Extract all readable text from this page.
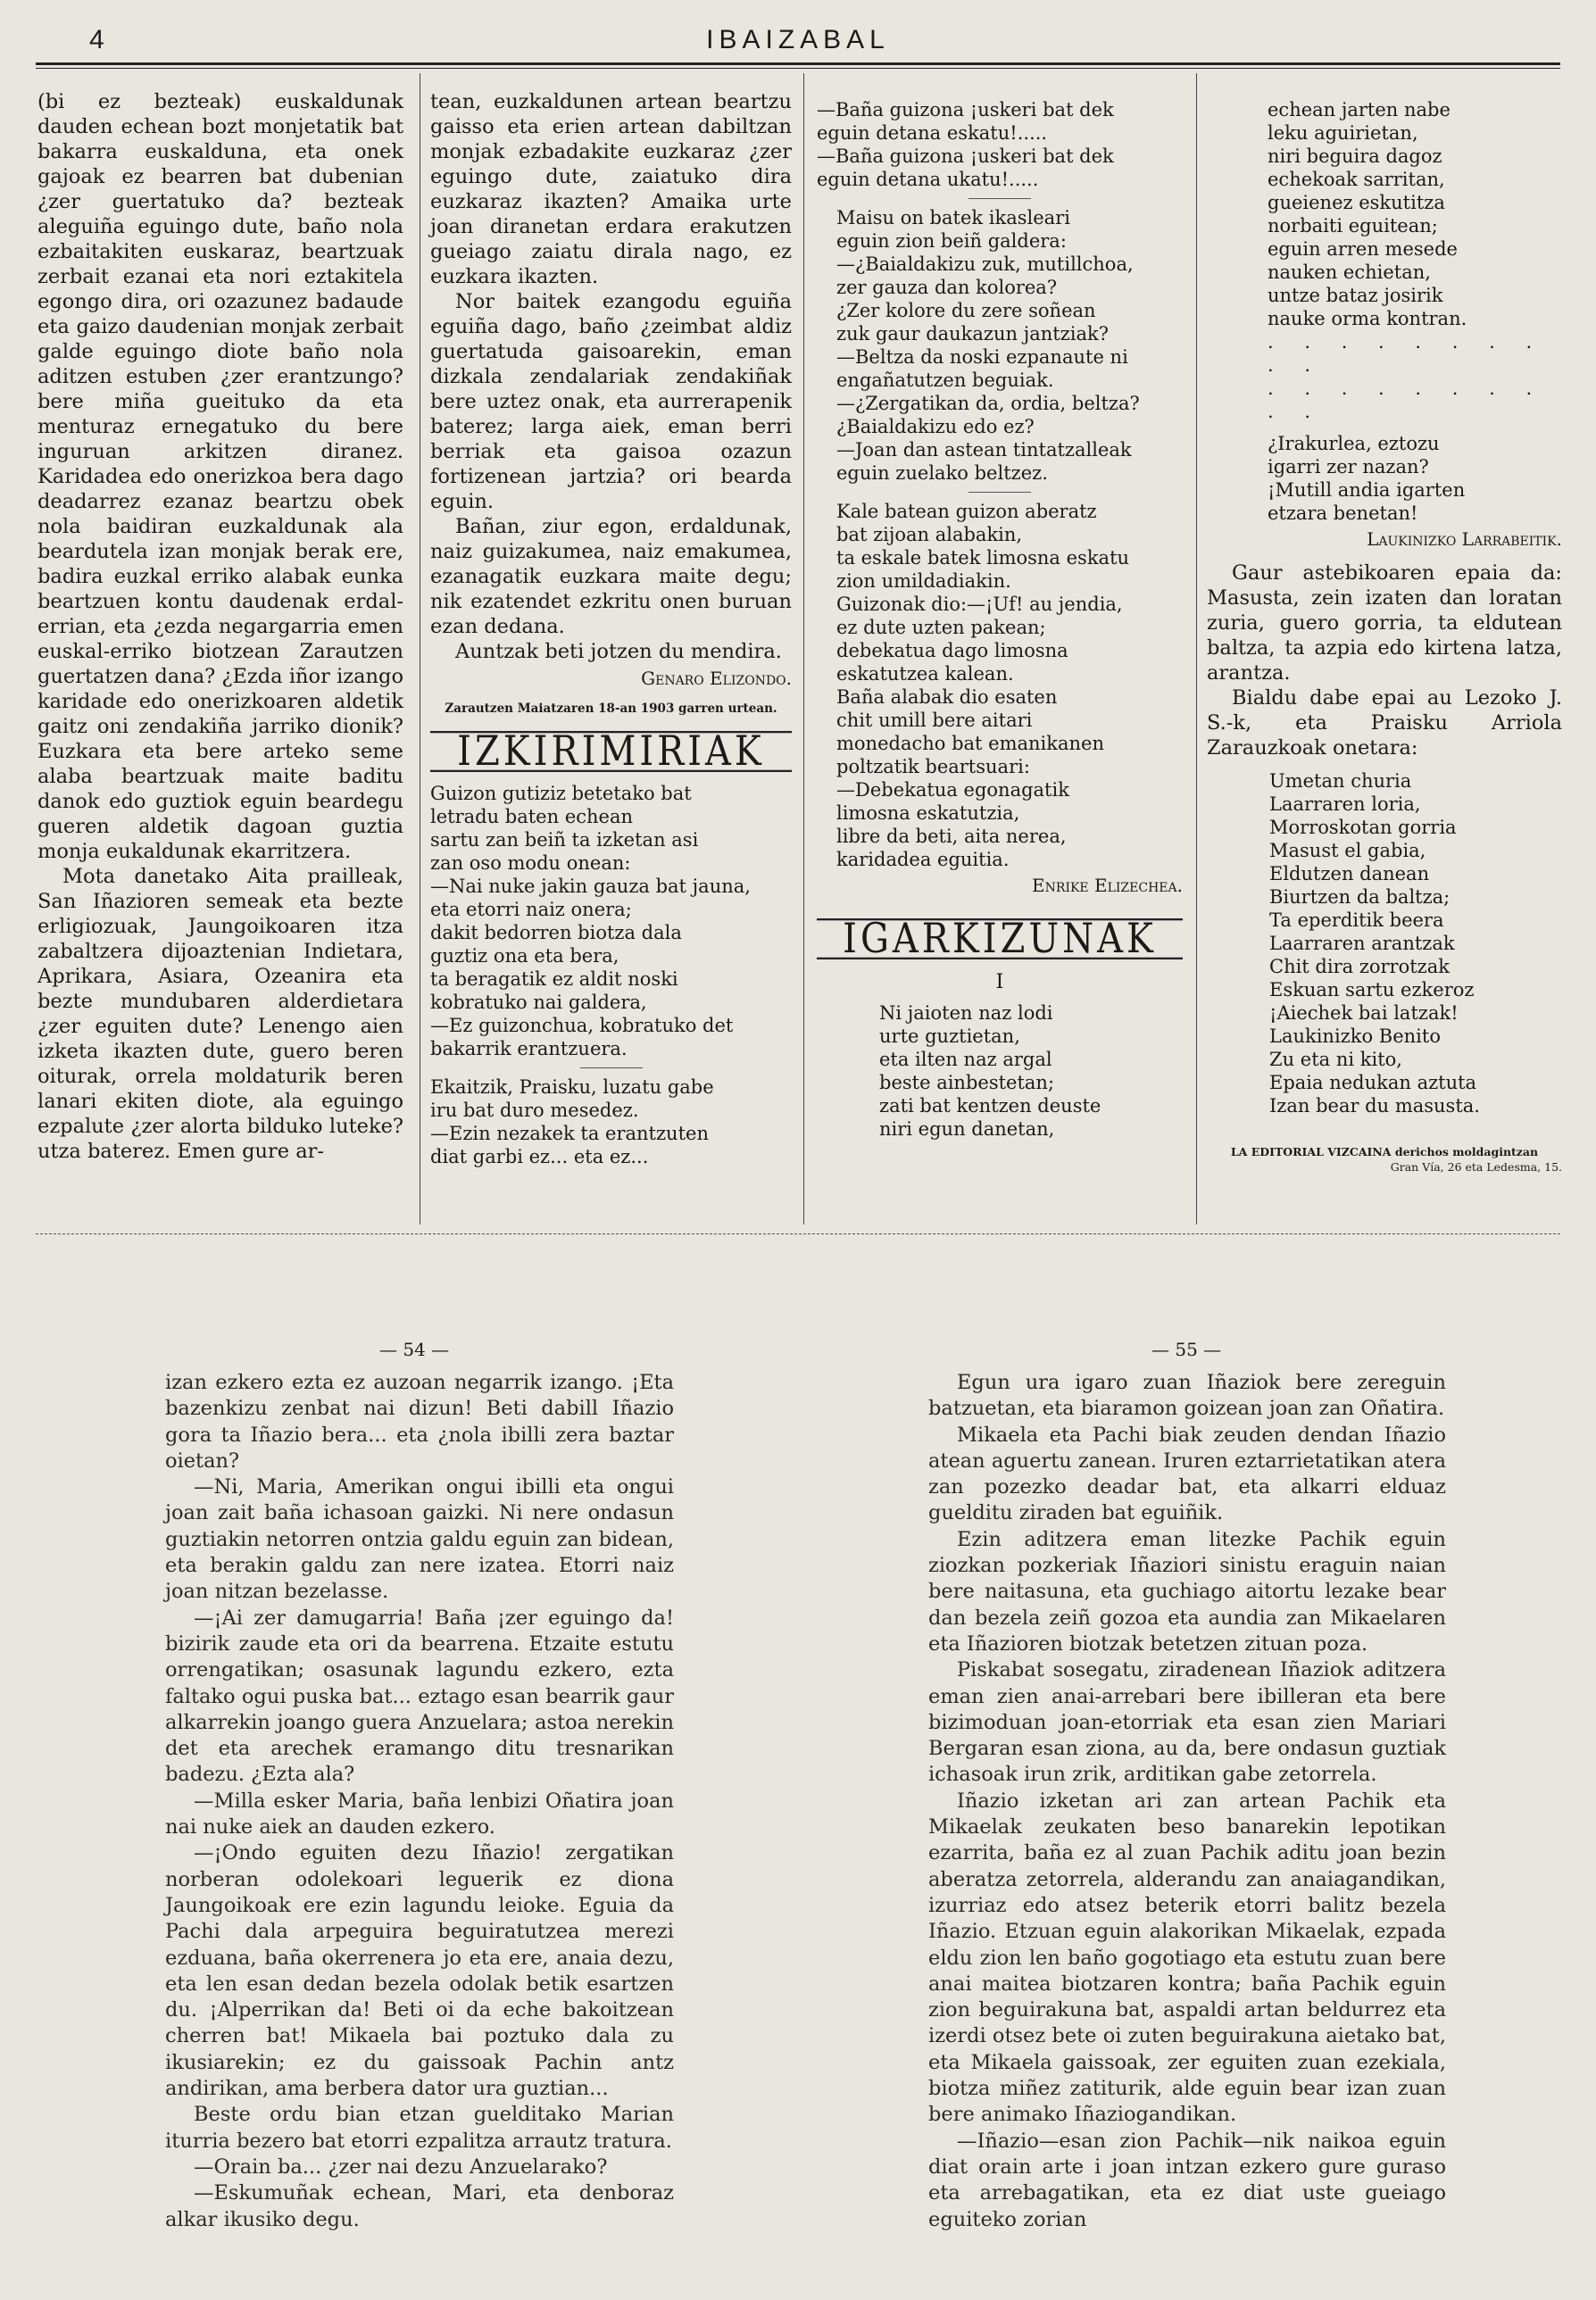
4	IBAIZABAL

(bi ez bezteak) euskaldunak dauden echean bozt monjetatik bat bakarra euskalduna, eta onek gajoak ez bearren bat dubenian ¿zer guertatuko da? bezteak aleguiña eguingo dute, baño nola ezbaitakiten euskaraz, beartzuak zerbait ezanai eta nori eztakitela egongo dira, ori ozazunez badaude eta gaizo daudenian monjak zerbait galde eguingo diote baño nola aditzen estuben ¿zer erantzungo? bere miña gueituko da eta menturaz ernegatuko du bere inguruan arkitzen diranez. Karidadea edo onerizkoa bera dago deadarrez ezanaz beartzu obek nola baidiran euzkaldunak ala beardutela izan monjak berak ere, badira euzkal erriko alabak eunka beartzuen kontu daudenak erdal-errian, eta ¿ezda negargarria emen euskal-erriko biotzean Zarautzen guertatzen dana? ¿Ezda iñor izango karidade edo onerizkoaren aldetik gaitz oni zendakiña jarriko dionik? Euzkara eta bere arteko seme alaba beartzuak maite baditu danok edo guztiok eguin beardegu gueren aldetik dagoan guztia monja eukaldunak ekarritzera.

Mota danetako Aita prailleak, San Iñazioren semeak eta bezte erligiozuak, Jaungoikoaren itza zabaltzera dijoaztenian Indietara, Aprikara, Asiara, Ozeanira eta bezte mundubaren alderdietara ¿zer eguiten dute? Lenengo aien izketa ikazten dute, guero beren oiturak, orrela moldaturik beren lanari ekiten diote, ala eguingo ezpalute ¿zer alorta bilduko luteke? utza baterez. Emen gure ar-

tean, euzkaldunen artean beartzu gaisso eta erien artean dabiltzan monjak ezbadakite euzkaraz ¿zer eguingo dute, zaiatuko dira euzkaraz ikazten? Amaika urte joan diranetan erdara erakutzen gueiago zaiatu dirala nago, ez euzkara ikazten.

Nor baitek ezangodu eguiña eguiña dago, baño ¿zeimbat aldiz guertatuda gaisoarekin, eman dizkala zendalariak zendakiñak bere uztez onak, eta aurrerapenik baterez; larga aiek, eman berri berriak eta gaisoa ozazun fortizenean jartzia? ori bearda eguin.

Bañan, ziur egon, erdaldunak, naiz guizakumea, naiz emakumea, ezanagatik euzkara maite degu; nik ezatendet ezkritu onen buruan ezan dedana.

Auntzak beti jotzen du mendira.

Genaro Elizondo.
Zarautzen Maiatzaren 18-an 1903 garren urtean.
IZKIRIMIRIAK
Guizon gutiziz betetako bat
letradu baten echean
sartu zan beiñ ta izketan asi
zan oso modu onean:
—Nai nuke jakin gauza bat jauna,
eta etorri naiz onera;
dakit bedorren biotza dala
guztiz ona eta bera,
ta beragatik ez aldit noski
kobratuko nai galdera,
—Ez guizonchua, kobratuko det
bakarrik erantzuera.
Ekaitzik, Praisku, luzatu gabe
iru bat duro mesedez.
—Ezin nezakek ta erantzuten
diat garbi ez... eta ez...
—Baña guizona ¡uskeri bat dek
eguin detana eskatu!.....
—Baña guizona ¡uskeri bat dek
eguin detana ukatu!.....
Maisu on batek ikasleari
eguin zion beiñ galdera:
—¿Baialdakizu zuk, mutillchoa,
zer gauza dan kolorea?
¿Zer kolore du zere soñean
zuk gaur daukazun jantziak?
—Beltza da noski ezpanaute ni
engañatutzen beguiak.
—¿Zergatikan da, ordia, beltza?
¿Baialdakizu edo ez?
—Joan dan astean tintatzalleak
eguin zuelako beltzez.
Kale batean guizon aberatz
bat zijoan alabakin,
ta eskale batek limosna eskatu
zion umildadiakin.
Guizonak dio:—¡Uf! au jendia,
ez dute uzten pakean;
debekatua dago limosna
eskatutzea kalean.
Baña alabak dio esaten
chit umill bere aitari
monedacho bat emanikanen
poltzatik beartsuari:
—Debekatua egonagatik
limosna eskatutzia,
libre da beti, aita nerea,
karidadea eguitia.
Enrike Elizechea.
IGARKIZUNAK
I
Ni jaioten naz lodi
urte guztietan,
eta ilten naz argal
beste ainbestetan;
zati bat kentzen deuste
niri egun danetan,
echean jarten nabe
leku aguirietan,
niri beguira dagoz
echekoak sarritan,
gueienez eskutitza
norbaiti eguitean;
eguin arren mesede
nauken echietan,
untze bataz josirik
nauke orma kontran.
. . . . . . . . . .
. . . . . . . . . .
¿Irakurlea, eztozu
igarri zer nazan?
¡Mutill andia igarten
etzara benetan!
Laukinizko Larrabeitik.

Gaur astebikoaren epaia da: Masusta, zein izaten dan loratan zuria, guero gorria, ta eldutean baltza, ta azpia edo kirtena latza, arantza.

Bialdu dabe epai au Lezoko J. S.-k, eta Praisku Arriola Zarauzkoak onetara:

Umetan churia
Laarraren loria,
Morroskotan gorria
Masust el gabia,
Eldutzen danean
Biurtzen da baltza;
Ta eperditik beera
Laarraren arantzak
Chit dira zorrotzak
Eskuan sartu ezkeroz
¡Aiechek bai latzak!
Laukinizko Benito
Zu eta ni kito,
Epaia nedukan aztuta
Izan bear du masusta.
LA EDITORIAL VIZCAINA derichos moldagintzan
Gran Vía, 26 eta Ledesma, 15.
— 54 —

izan ezkero ezta ez auzoan negarrik izango. ¡Eta bazenkizu zenbat nai dizun! Beti dabill Iñazio gora ta Iñazio bera... eta ¿nola ibilli zera baztar oietan?

—Ni, Maria, Amerikan ongui ibilli eta ongui joan zait baña ichasoan gaizki. Ni nere ondasun guztiakin netorren ontzia galdu eguin zan bidean, eta berakin galdu zan nere izatea. Etorri naiz joan nitzan bezelasse.

—¡Ai zer damugarria! Baña ¡zer eguingo da! bizirik zaude eta ori da bearrena. Etzaite estutu orrengatikan; osasunak lagundu ezkero, ezta faltako ogui puska bat... eztago esan bearrik gaur alkarrekin joango guera Anzuelara; astoa nerekin det eta arechek eramango ditu tresnarikan badezu. ¿Ezta ala?

—Milla esker Maria, baña lenbizi Oñatira joan nai nuke aiek an dauden ezkero.

—¡Ondo eguiten dezu Iñazio! zergatikan norberan odolekoari leguerik ez diona Jaungoikoak ere ezin lagundu leioke. Eguia da Pachi dala arpeguira beguiratutzea merezi ezduana, baña okerrenera jo eta ere, anaia dezu, eta len esan dedan bezela odolak betik esartzen du. ¡Alperrikan da! Beti oi da eche bakoitzean cherren bat! Mikaela bai poztuko dala zu ikusiarekin; ez du gaissoak Pachin antz andirikan, ama berbera dator ura guztian...

Beste ordu bian etzan guelditako Marian iturria bezero bat etorri ezpalitza arrautz tratura.

—Orain ba... ¿zer nai dezu Anzuelarako?

—Eskumuñak echean, Mari, eta denboraz alkar ikusiko degu.

— 55 —

Egun ura igaro zuan Iñaziok bere zereguin batzuetan, eta biaramon goizean joan zan Oñatira.

Mikaela eta Pachi biak zeuden dendan Iñazio atean aguertu zanean. Iruren eztarrietatikan atera zan pozezko deadar bat, eta alkarri elduaz guelditu ziraden bat eguiñik.

Ezin aditzera eman litezke Pachik eguin ziozkan pozkeriak Iñaziori sinistu eraguin naian bere naitasuna, eta guchiago aitortu lezake bear dan bezela zeiñ gozoa eta aundia zan Mikaelaren eta Iñazioren biotzak betetzen zituan poza.

Piskabat sosegatu, ziradenean Iñaziok aditzera eman zien anai-arrebari bere ibilleran eta bere bizimoduan joan-etorriak eta esan zien Mariari Bergaran esan ziona, au da, bere ondasun guztiak ichasoak irun zrik, arditikan gabe zetorrela.

Iñazio izketan ari zan artean Pachik eta Mikaelak zeukaten beso banarekin lepotikan ezarrita, baña ez al zuan Pachik aditu joan bezin aberatza zetorrela, alderandu zan anaiagandikan, izurriaz edo atsez beterik etorri balitz bezela Iñazio. Etzuan eguin alakorikan Mikaelak, ezpada eldu zion len baño gogotiago eta estutu zuan bere anai maitea biotzaren kontra; baña Pachik eguin zion beguirakuna bat, aspaldi artan beldurrez eta izerdi otsez bete oi zuten beguirakuna aietako bat, eta Mikaela gaissoak, zer eguiten zuan ezekiala, biotza miñez zatiturik, alde eguin bear izan zuan bere animako Iñaziogandikan.

—Iñazio—esan zion Pachik—nik naikoa eguin diat orain arte i joan intzan ezkero gure guraso eta arrebagatikan, eta ez diat uste gueiago eguiteko zorian
